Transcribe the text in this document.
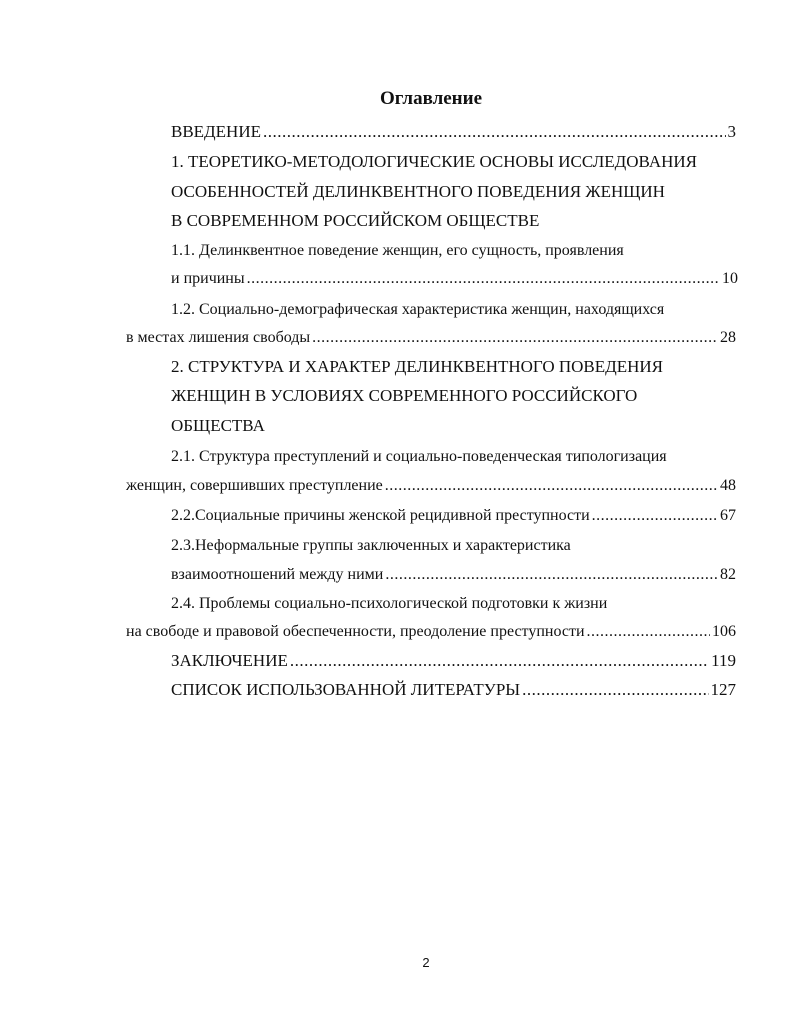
Оглавление
ВВЕДЕНИЕ .....	3
1. ТЕОРЕТИКО-МЕТОДОЛОГИЧЕСКИЕ ОСНОВЫ ИССЛЕДОВАНИЯ
ОСОБЕННОСТЕЙ ДЕЛИНКВЕНТНОГО ПОВЕДЕНИЯ ЖЕНЩИН
В СОВРЕМЕННОМ РОССИЙСКОМ ОБЩЕСТВЕ
1.1. Делинквентное поведение женщин, его сущность, проявления
и причины .....	10
1.2. Социально-демографическая характеристика женщин, находящихся
в местах лишения свободы .....	28
2. СТРУКТУРА И ХАРАКТЕР ДЕЛИНКВЕНТНОГО ПОВЕДЕНИЯ
ЖЕНЩИН В УСЛОВИЯХ СОВРЕМЕННОГО РОССИЙСКОГО
ОБЩЕСТВА
2.1. Структура преступлений и социально-поведенческая типологизация
женщин, совершивших преступление .....	48
2.2.Социальные причины женской рецидивной преступности .....	67
2.3.Неформальные группы заключенных и характеристика
взаимоотношений между ними .....	82
2.4. Проблемы социально-психологической подготовки к жизни
на свободе и правовой обеспеченности, преодоление преступности .....	106
ЗАКЛЮЧЕНИЕ .....	119
СПИСОК ИСПОЛЬЗОВАННОЙ ЛИТЕРАТУРЫ .....	127
2
